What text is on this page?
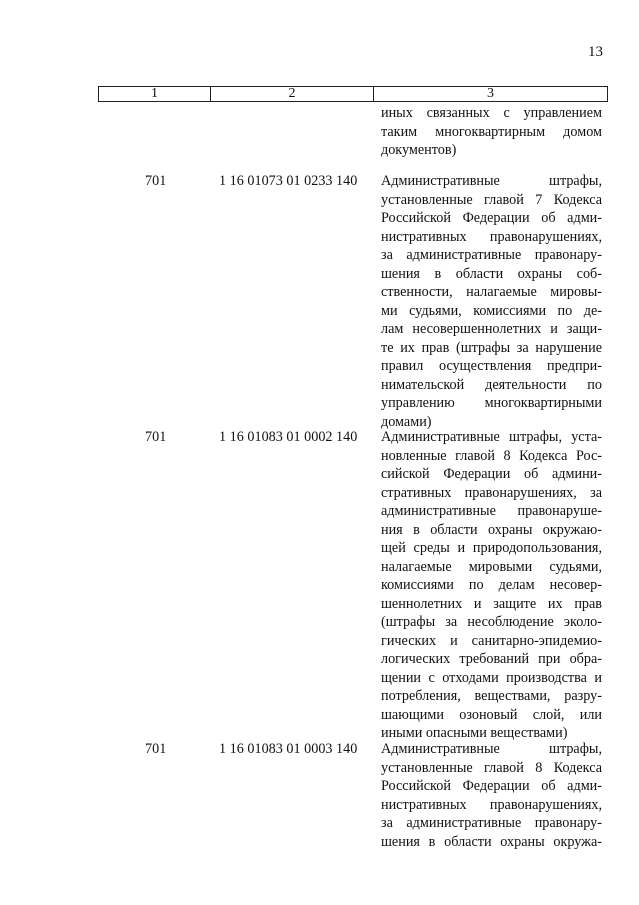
13
1	2	3
иных связанных с управлением
таким многоквартирным домом
документов)
701	1 16 01073 01 0233 140 Административные штрафы,
установленные главой 7 Кодекса
Российской Федерации об адми-
нистративных правонарушениях,
за административные правонару-
шения в области охраны соб-
ственности, налагаемые мировы-
ми судьями, комиссиями по де-
лам несовершеннолетних и защи-
те их прав (штрафы за нарушение
правил осуществления предпри-
нимательской деятельности по
управлению многоквартирными
домами)
701	1 16 01083 01 0002 140 Административные штрафы, уста-
новленные главой 8 Кодекса Рос-
сийской Федерации об админи-
стративных правонарушениях, за
административные правонаруше-
ния в области охраны окружаю-
щей среды и природопользования,
налагаемые мировыми судьями,
комиссиями по делам несовер-
шеннолетних и защите их прав
(штрафы за несоблюдение эколо-
гических и санитарно-эпидемио-
логических требований при обра-
щении с отходами производства и
потребления, веществами, разру-
шающими озоновый слой, или
иными опасными веществами)
701	1 16 01083 01 0003 140 Административные штрафы,
установленные главой 8 Кодекса
Российской Федерации об адми-
нистративных правонарушениях,
за административные правонару-
шения в области охраны окружа-
